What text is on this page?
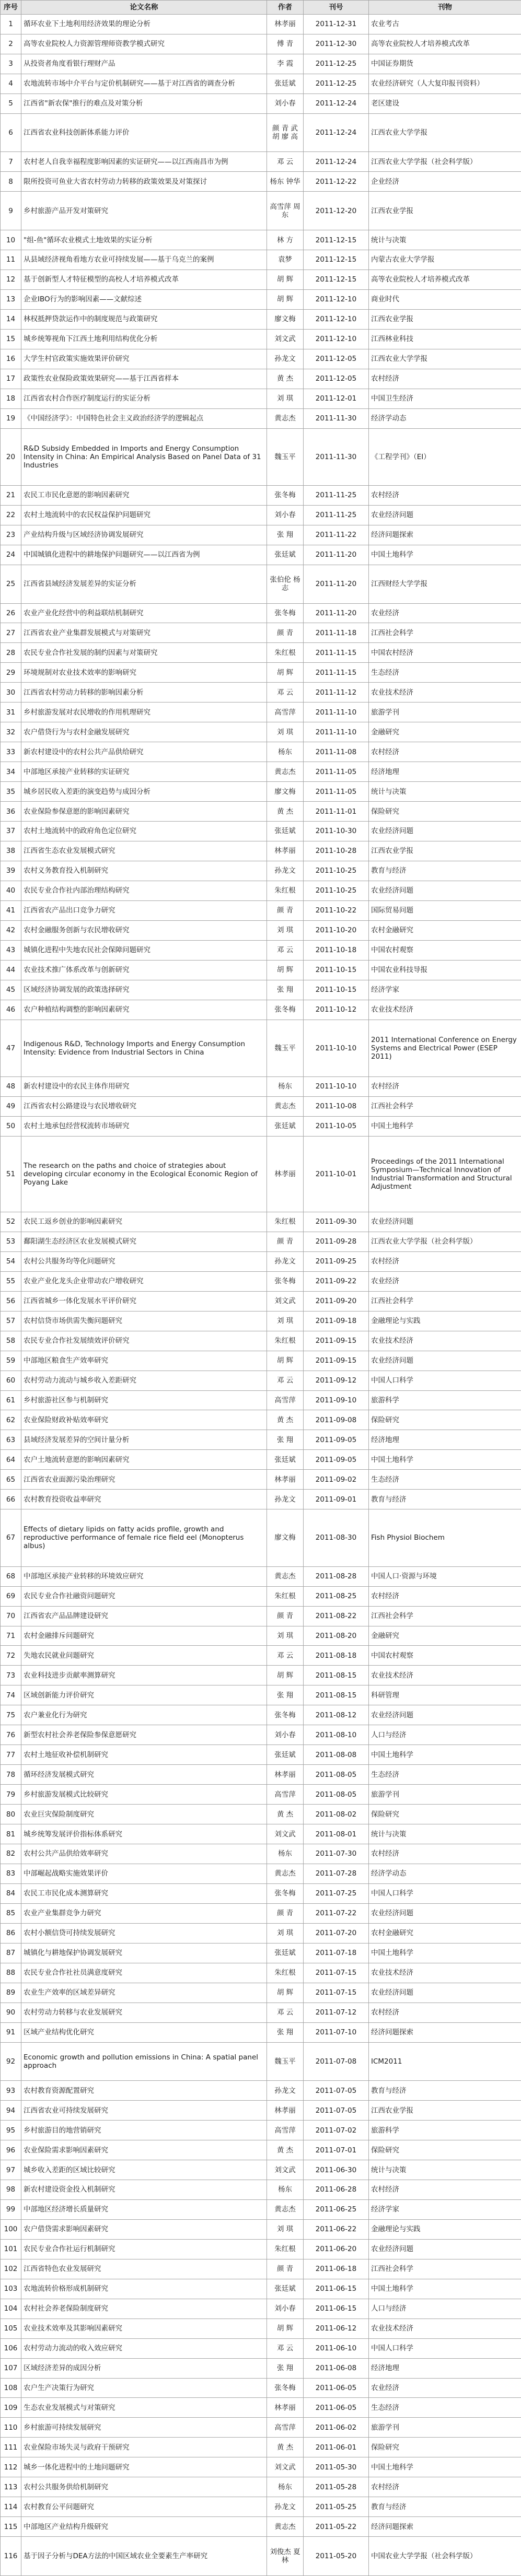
序号	论文名称	作者	刊号	刊物
1	循环农业下土地利用经济效果的理论分析	林孝丽	2011-12-31	农业考古
2	高等农业院校人力资源管理师资教学模式研究	傅 青	2011-12-30	高等农业院校人才培养模式改革
3	从投资者角度看银行理财产品	李 霞	2011-12-25	中国证券期货
4	农地流转市场中介平台与定价机制研究——基于对江西省的调查分析	张廷斌	2011-12-25	农业经济研究（人大复印报刊资料）
5	江西省"新农保"推行的难点及对策分析	刘小春	2011-12-24	老区建设
6	江西省农业科技创新体系能力评价	颜 青 武 胡 廖 高	2011-12-24	江西农业大学学报
7	农村老人自我幸福程度影响因素的实证研究——以江西南昌市为例	邓 云	2011-12-24	江西农业大学学报（社会科学版）
8	限所投资可鱼业大省农村劳动力转移的政策效果及对策探讨	杨东 钟华	2011-12-22	企业经济
9	乡村旅游产品开发对策研究	高雪萍 周东	2011-12-20	江西农业学报
10	"组-鱼"循环农业模式土地效果的实证分析	林 方	2011-12-15	统计与决策
11	从县域经济视角看地方农业可持续发展——基于乌克兰的案例	袁梦	2011-12-15	内蒙古农业大学学报
12	基于创新型人才特征模型的高校人才培养模式改革	胡 辉	2011-12-15	高等农业院校人才培养模式改革
13	企业IBO行为的影响因素——文献综述	胡 辉	2011-12-10	商业时代
14	林权抵押贷款运作中的制度规范与政策研究	廖文梅	2011-12-10	江西农业学报
15	城乡统筹视角下江西土地利用结构优化分析	刘文武	2011-12-10	江西林业科技
16	大学生村官政策实施效果评价研究	孙龙文	2011-12-05	江西农业大学学报
17	政策性农业保险政策效果研究——基于江西省样本	黄 杰	2011-12-05	农村经济
18	江西省农村合作医疗制度运行的实证分析	刘 琪	2011-12-01	中国卫生经济
19	《中国经济学》：中国特色社会主义政治经济学的逻辑起点	黄志杰	2011-11-30	经济学动态
20	R&D Subsidy Embedded in Imports and Energy Consumption Intensity in China: An Empirical Analysis Based on Panel Data of 31 Industries	魏玉平	2011-11-30	《工程学刊》（EI）
21	农民工市民化意愿的影响因素研究	张冬梅	2011-11-25	农村经济
22	农村土地流转中的农民权益保护问题研究	刘小春	2011-11-25	农业经济问题
23	产业结构升级与区域经济协调发展研究	张 翔	2011-11-22	经济问题探索
24	中国城镇化进程中的耕地保护问题研究——以江西省为例	张廷斌	2011-11-20	中国土地科学
25	江西省县域经济发展差异的实证分析	张伯伦 杨志	2011-11-20	江西财经大学学报
26	农业产业化经营中的利益联结机制研究	张冬梅	2011-11-20	农业经济
27	江西省农业产业集群发展模式与对策研究	颜 青	2011-11-18	江西社会科学
28	农民专业合作社发展的制约因素与对策研究	朱红根	2011-11-15	中国农村经济
29	环境规制对农业技术效率的影响研究	胡 辉	2011-11-15	生态经济
30	江西省农村劳动力转移的影响因素分析	邓 云	2011-11-12	农业技术经济
31	乡村旅游发展对农民增收的作用机理研究	高雪萍	2011-11-10	旅游学刊
32	农户借贷行为与农村金融发展研究	刘 琪	2011-11-10	金融研究
33	新农村建设中的农村公共产品供给研究	杨东	2011-11-08	农村经济
34	中部地区承接产业转移的实证研究	黄志杰	2011-11-05	经济地理
35	城乡居民收入差距的演变趋势与成因分析	廖文梅	2011-11-05	统计与决策
36	农业保险参保意愿的影响因素研究	黄 杰	2011-11-01	保险研究
37	农村土地流转中的政府角色定位研究	张廷斌	2011-10-30	农业经济问题
38	江西省生态农业发展模式研究	林孝丽	2011-10-28	江西农业学报
39	农村义务教育投入机制研究	孙龙文	2011-10-25	教育与经济
40	农民专业合作社内部治理结构研究	朱红根	2011-10-25	农业经济问题
41	江西省农产品出口竞争力研究	颜 青	2011-10-22	国际贸易问题
42	农村金融服务创新与农民增收研究	刘 琪	2011-10-20	农村金融研究
43	城镇化进程中失地农民社会保障问题研究	邓 云	2011-10-18	中国农村观察
44	农业技术推广体系改革与创新研究	胡 辉	2011-10-15	中国农业科技导报
45	区域经济协调发展的政策选择研究	张 翔	2011-10-15	经济学家
46	农户种植结构调整的影响因素研究	张冬梅	2011-10-12	农业技术经济
47	Indigenous R&D, Technology Imports and Energy Consumption Intensity: Evidence from Industrial Sectors in China	魏玉平	2011-10-10	2011 International Conference on Energy Systems and Electrical Power (ESEP 2011)
48	新农村建设中的农民主体作用研究	杨东	2011-10-10	农村经济
49	江西省农村公路建设与农民增收研究	黄志杰	2011-10-08	江西社会科学
50	农村土地承包经营权流转市场研究	张廷斌	2011-10-05	中国土地科学
51	The research on the paths and choice of strategies about developing circular economy in the Ecological Economic Region of Poyang Lake	林孝丽	2011-10-01	Proceedings of the 2011 International Symposium—Technical Innovation of Industrial Transformation and Structural Adjustment
52	农民工返乡创业的影响因素研究	朱红根	2011-09-30	农业经济问题
53	鄱阳湖生态经济区农业发展模式研究	颜 青	2011-09-28	江西农业大学学报（社会科学版）
54	农村公共服务均等化问题研究	孙龙文	2011-09-25	农村经济
55	农业产业化龙头企业带动农户增收研究	张冬梅	2011-09-22	农业经济
56	江西省城乡一体化发展水平评价研究	刘文武	2011-09-20	江西社会科学
57	农村信贷市场供需失衡问题研究	刘 琪	2011-09-18	金融理论与实践
58	农民专业合作社发展绩效评价研究	朱红根	2011-09-15	农业技术经济
59	中部地区粮食生产效率研究	胡 辉	2011-09-15	农业经济问题
60	农村劳动力流动与城乡收入差距研究	邓 云	2011-09-12	中国人口科学
61	乡村旅游社区参与机制研究	高雪萍	2011-09-10	旅游科学
62	农业保险财政补贴效率研究	黄 杰	2011-09-08	保险研究
63	县域经济发展差异的空间计量分析	张 翔	2011-09-05	经济地理
64	农户土地流转意愿的影响因素研究	张廷斌	2011-09-05	中国土地科学
65	江西省农业面源污染治理研究	林孝丽	2011-09-02	生态经济
66	农村教育投资收益率研究	孙龙文	2011-09-01	教育与经济
67	Effects of dietary lipids on fatty acids profile, growth and reproductive performance of female rice field eel (Monopterus albus)	廖文梅	2011-08-30	Fish Physiol Biochem
68	中部地区承接产业转移的环境效应研究	黄志杰	2011-08-28	中国人口·资源与环境
69	农民专业合作社融资问题研究	朱红根	2011-08-25	农村经济
70	江西省农产品品牌建设研究	颜 青	2011-08-22	江西社会科学
71	农村金融排斥问题研究	刘 琪	2011-08-20	金融研究
72	失地农民就业问题研究	邓 云	2011-08-18	中国农村观察
73	农业科技进步贡献率测算研究	胡 辉	2011-08-15	农业技术经济
74	区域创新能力评价研究	张 翔	2011-08-15	科研管理
75	农户兼业化行为研究	张冬梅	2011-08-12	农业经济问题
76	新型农村社会养老保险参保意愿研究	刘小春	2011-08-10	人口与经济
77	农村土地征收补偿机制研究	张廷斌	2011-08-08	中国土地科学
78	循环经济发展模式研究	林孝丽	2011-08-05	生态经济
79	乡村旅游发展模式比较研究	高雪萍	2011-08-05	旅游学刊
80	农业巨灾保险制度研究	黄 杰	2011-08-02	保险研究
81	城乡统筹发展评价指标体系研究	刘文武	2011-08-01	统计与决策
82	农村公共产品供给效率研究	杨东	2011-07-30	农村经济
83	中部崛起战略实施效果评价	黄志杰	2011-07-28	经济学动态
84	农民工市民化成本测算研究	张冬梅	2011-07-25	中国人口科学
85	农业产业集群竞争力研究	颜 青	2011-07-22	农业经济问题
86	农村小额信贷可持续发展研究	刘 琪	2011-07-20	农村金融研究
87	城镇化与耕地保护协调发展研究	张廷斌	2011-07-18	中国土地科学
88	农民专业合作社社员满意度研究	朱红根	2011-07-15	农业技术经济
89	农业生产效率的区域差异研究	胡 辉	2011-07-15	农业经济问题
90	农村劳动力转移与农业发展研究	邓 云	2011-07-12	农村经济
91	区域产业结构优化研究	张 翔	2011-07-10	经济问题探索
92	Economic growth and pollution emissions in China: A spatial panel approach	魏玉平	2011-07-08	ICM2011
93	农村教育资源配置研究	孙龙文	2011-07-05	教育与经济
94	江西省农业可持续发展研究	林孝丽	2011-07-05	江西农业学报
95	乡村旅游目的地营销研究	高雪萍	2011-07-02	旅游科学
96	农业保险需求影响因素研究	黄 杰	2011-07-01	保险研究
97	城乡收入差距的区域比较研究	刘文武	2011-06-30	统计与决策
98	新农村建设资金投入机制研究	杨东	2011-06-28	农村经济
99	中部地区经济增长质量研究	黄志杰	2011-06-25	经济学家
100	农户借贷需求影响因素研究	刘 琪	2011-06-22	金融理论与实践
101	农民专业合作社运行机制研究	朱红根	2011-06-20	农业经济问题
102	江西省特色农业发展研究	颜 青	2011-06-18	江西社会科学
103	农地流转价格形成机制研究	张廷斌	2011-06-15	中国土地科学
104	农村社会养老保险制度研究	刘小春	2011-06-15	人口与经济
105	农业技术效率及其影响因素研究	胡 辉	2011-06-12	农业技术经济
106	农村劳动力流动的收入效应研究	邓 云	2011-06-10	中国人口科学
107	区域经济差异的成因分析	张 翔	2011-06-08	经济地理
108	农户生产决策行为研究	张冬梅	2011-06-05	农业经济
109	生态农业发展模式与对策研究	林孝丽	2011-06-05	生态经济
110	乡村旅游可持续发展研究	高雪萍	2011-06-02	旅游学刊
111	农业保险市场失灵与政府干预研究	黄 杰	2011-06-01	保险研究
112	城乡一体化进程中的土地问题研究	刘文武	2011-05-30	中国土地科学
113	农村公共服务供给机制研究	杨东	2011-05-28	农村经济
114	农村教育公平问题研究	孙龙文	2011-05-25	教育与经济
115	中部地区产业结构升级研究	黄志杰	2011-05-22	经济问题探索
116	基于因子分析与DEA方法的中国区域农业全要素生产率研究	刘俊杰 夏 林	2011-05-20	中国农业大学学报（社会科学版）
